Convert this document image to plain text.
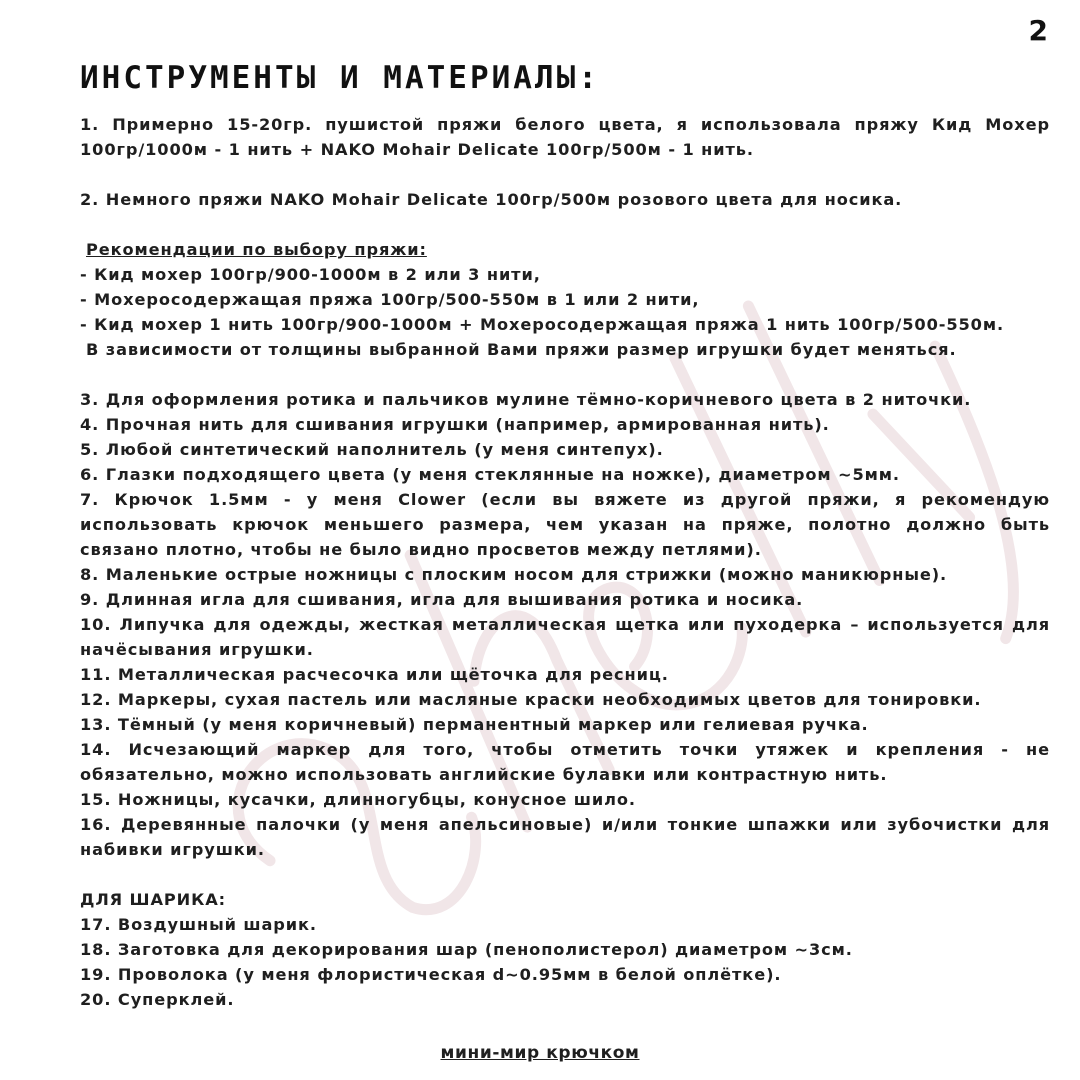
2
ИНСТРУМЕНТЫ И МАТЕРИАЛЫ:

1. Примерно 15-20гр. пушистой пряжи белого цвета, я использовала пряжу Кид Мохер 100гр/1000м - 1 нить + NAKO Mohair Delicate 100гр/500м - 1 нить.

2. Немного пряжи NAKO Mohair Delicate 100гр/500м розового цвета для носика.

Рекомендации по выбору пряжи:

- Кид мохер 100гр/900-1000м в 2 или 3 нити,

- Мохеросодержащая пряжа 100гр/500-550м в 1 или 2 нити,

- Кид мохер 1 нить 100гр/900-1000м + Мохеросодержащая пряжа 1 нить 100гр/500-550м.

В зависимости от толщины выбранной Вами пряжи размер игрушки будет меняться.

3. Для оформления ротика и пальчиков мулине тёмно-коричневого цвета в 2 ниточки.

4. Прочная нить для сшивания игрушки (например, армированная нить).

5. Любой синтетический наполнитель (у меня синтепух).

6. Глазки подходящего цвета (у меня стеклянные на ножке), диаметром ~5мм.

7. Крючок 1.5мм - у меня Clower (если вы вяжете из другой пряжи, я рекомендую использовать крючок меньшего размера, чем указан на пряже, полотно должно быть связано плотно, чтобы не было видно просветов между петлями).

8. Маленькие острые ножницы с плоским носом для стрижки (можно маникюрные).

9. Длинная игла для сшивания, игла для вышивания ротика и носика.

10. Липучка для одежды, жесткая металлическая щетка или пуходерка – используется для начёсывания игрушки.

11. Металлическая расчесочка или щёточка для ресниц.

12. Маркеры, сухая пастель или масляные краски необходимых цветов для тонировки.

13. Тёмный (у меня коричневый) перманентный маркер или гелиевая ручка.

14. Исчезающий маркер для того, чтобы отметить точки утяжек и крепления - не обязательно, можно использовать английские булавки или контрастную нить.

15. Ножницы, кусачки, длинногубцы, конусное шило.

16. Деревянные палочки (у меня апельсиновые) и/или тонкие шпажки или зубочистки для набивки игрушки.

ДЛЯ ШАРИКА:

17. Воздушный шарик.

18. Заготовка для декорирования шар (пенополистерол) диаметром ~3см.

19. Проволока (у меня флористическая d~0.95мм в белой оплётке).

20. Суперклей.

мини-мир крючком
